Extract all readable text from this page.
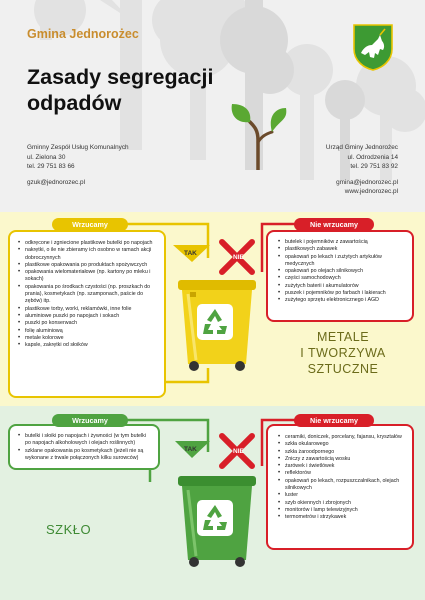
Gmina Jednorożec
Zasady segregacji
odpadów
Gminny Zespół Usług Komunalnych
ul. Zielona 30
tel. 29 751 83 66
gzuk@jednorozec.pl
Urząd Gminy Jednorożec
ul. Odrodzenia 14
tel. 29 751 83 92
gmina@jednorozec.pl
www.jednorozec.pl
• odkręcone i zgniecione plastikowe butelki po napojach
• nakrętki, o ile nie zbieramy ich osobno w ramach akcji dobroczynnych
• plastikowe opakowania po produktach spożywczych
• opakowania wielomateriałowe (np. kartony po mleku i sokach)
• opakowania po środkach czystości (np. proszkach do prania), kosmetykach (np. szamponach, paście do zębów) itp.
• plastikowe torby, worki, reklamówki, inne folie
• aluminiowe puszki po napojach i sokach
• puszki po konserwach
• folię aluminiową
• metale kolorowe
• kapsle, zakrętki od słoików
Wrzucamy
• butelek i pojemników z zawartością
• plastikowych zabawek
• opakowań po lekach i zużytych artykułów medycznych
• opakowań po olejach silnikowych
• części samochodowych
• zużytych baterii i akumulatorów
• puszek i pojemników po farbach i lakierach
• zużytego sprzętu elektronicznego i AGD
Nie wrzucamy
TAK
NIE
METALE
I TWORZYWA
SZTUCZNE
• butelki i słoiki po napojach i żywności (w tym butelki po napojach alkoholowych i olejach roślinnych)
• szklane opakowania po kosmetykach (jeżeli nie są wykonane z trwale połączonych kilku surowców)
Wrzucamy
• ceramiki, doniczek, porcelany, fajansu, kryształów
• szkła okularowego
• szkła żaroodpornego
• Zniczy z zawartością wosku
• żarówek i świetlówek
• reflektorów
• opakowań po lekach, rozpuszczalnikach, olejach silnikowych
• luster
• szyb okiennych i zbrojonych
• monitorów i lamp telewizyjnych
• termometrów i strzykawek
Nie wrzucamy
TAK	NIE
SZKŁO
